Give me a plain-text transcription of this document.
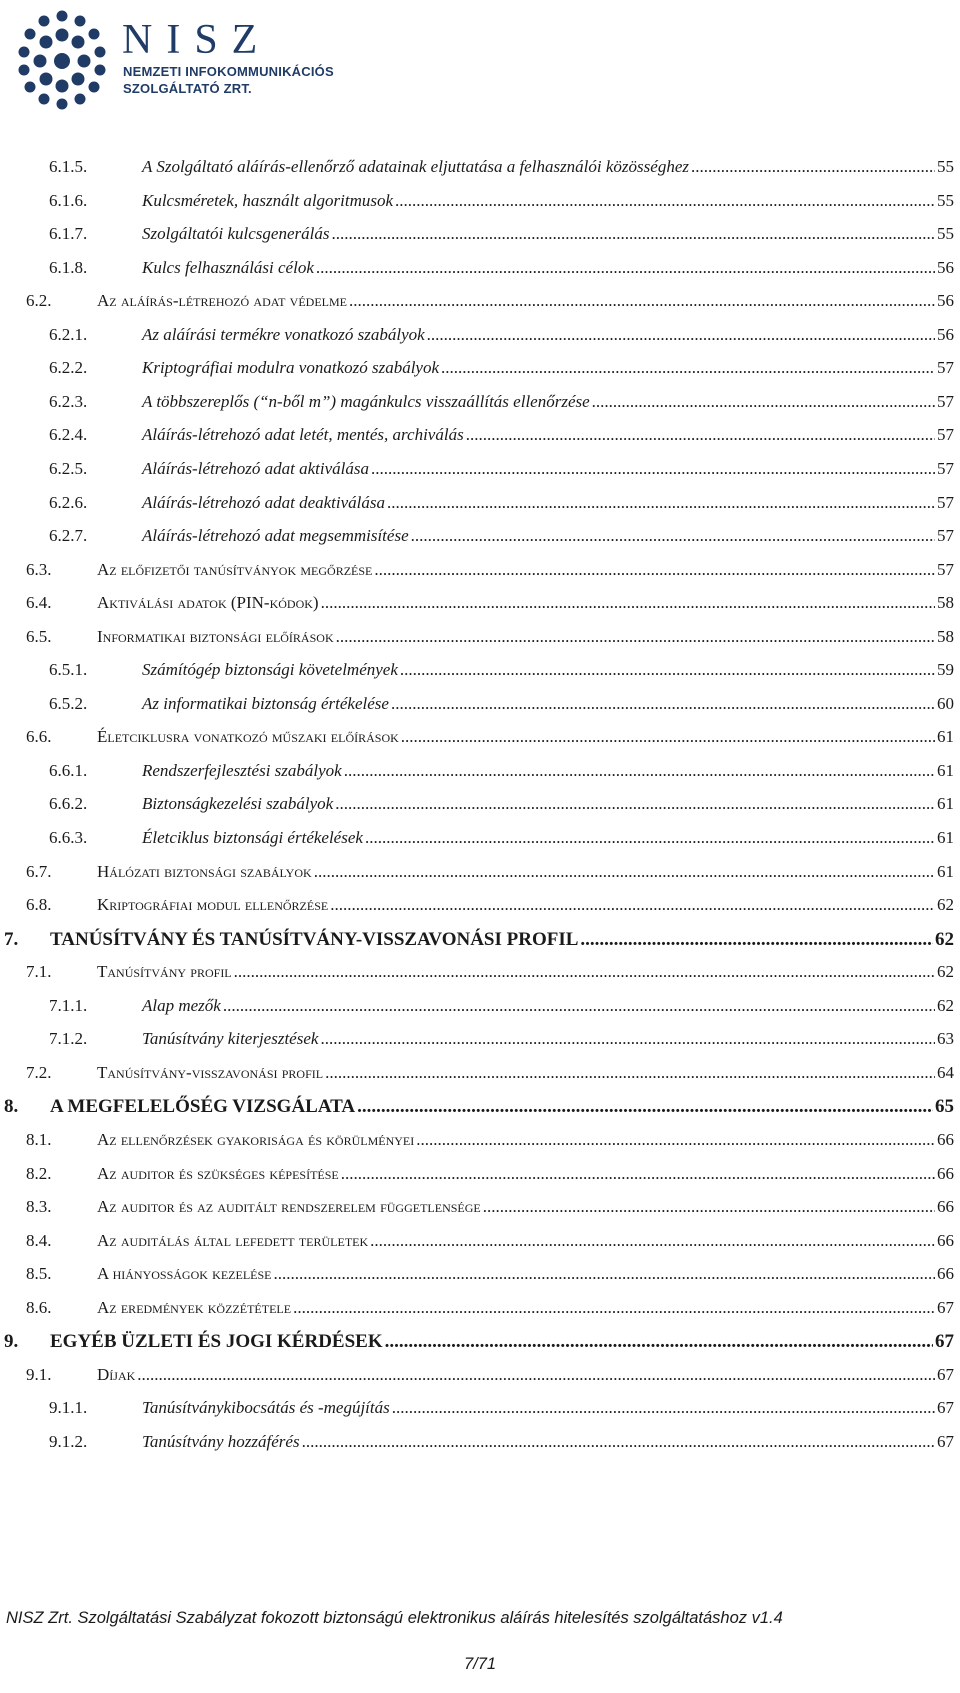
NISZ
NEMZETI INFOKOMMUNIKÁCIÓS
SZOLGÁLTATÓ ZRT.
6.1.5.	A Szolgáltató aláírás-ellenőrző adatainak eljuttatása a felhasználói közösséghez .....	55
6.1.6.	Kulcsméretek, használt algoritmusok .....	55
6.1.7.	Szolgáltatói kulcsgenerálás .....	55
6.1.8.	Kulcs felhasználási célok .....	56
6.2.	Az aláírás-létrehozó adat védelme .....	56
6.2.1.	Az aláírási termékre vonatkozó szabályok .....	56
6.2.2.	Kriptográfiai modulra vonatkozó szabályok .....	57
6.2.3.	A többszereplős (“n-ből m”) magánkulcs visszaállítás ellenőrzése .....	57
6.2.4.	Aláírás-létrehozó adat letét, mentés, archiválás .....	57
6.2.5.	Aláírás-létrehozó adat aktiválása .....	57
6.2.6.	Aláírás-létrehozó adat deaktiválása .....	57
6.2.7.	Aláírás-létrehozó adat megsemmisítése .....	57
6.3.	Az előfizetői tanúsítványok megőrzése .....	57
6.4.	Aktiválási adatok (PIN-kódok) .....	58
6.5.	Informatikai biztonsági előírások .....	58
6.5.1.	Számítógép biztonsági követelmények .....	59
6.5.2.	Az informatikai biztonság értékelése .....	60
6.6.	Életciklusra vonatkozó műszaki előírások .....	61
6.6.1.	Rendszerfejlesztési szabályok .....	61
6.6.2.	Biztonságkezelési szabályok .....	61
6.6.3.	Életciklus biztonsági értékelések .....	61
6.7.	Hálózati biztonsági szabályok .....	61
6.8.	Kriptográfiai modul ellenőrzése .....	62
7. TANÚSÍTVÁNY ÉS TANÚSÍTVÁNY-VISSZAVONÁSI PROFIL .....	62
7.1.	Tanúsítvány profil .....	62
7.1.1.	Alap mezők .....	62
7.1.2.	Tanúsítvány kiterjesztések .....	63
7.2.	Tanúsítvány-visszavonási profil .....	64
8. A MEGFELELŐSÉG VIZSGÁLATA .....	65
8.1.	Az ellenőrzések gyakorisága és körülményei .....	66
8.2.	Az auditor és szükséges képesítése .....	66
8.3.	Az auditor és az auditált rendszerelem függetlensége .....	66
8.4.	Az auditálás által lefedett területek .....	66
8.5.	A hiányosságok kezelése .....	66
8.6.	Az eredmények közzététele .....	67
9. EGYÉB ÜZLETI ÉS JOGI KÉRDÉSEK .....	67
9.1.	Díjak .....	67
9.1.1.	Tanúsítványkibocsátás és -megújítás .....	67
9.1.2.	Tanúsítvány hozzáférés .....	67
NISZ Zrt. Szolgáltatási Szabályzat fokozott biztonságú elektronikus aláírás hitelesítés szolgáltatáshoz v1.4
7/71
